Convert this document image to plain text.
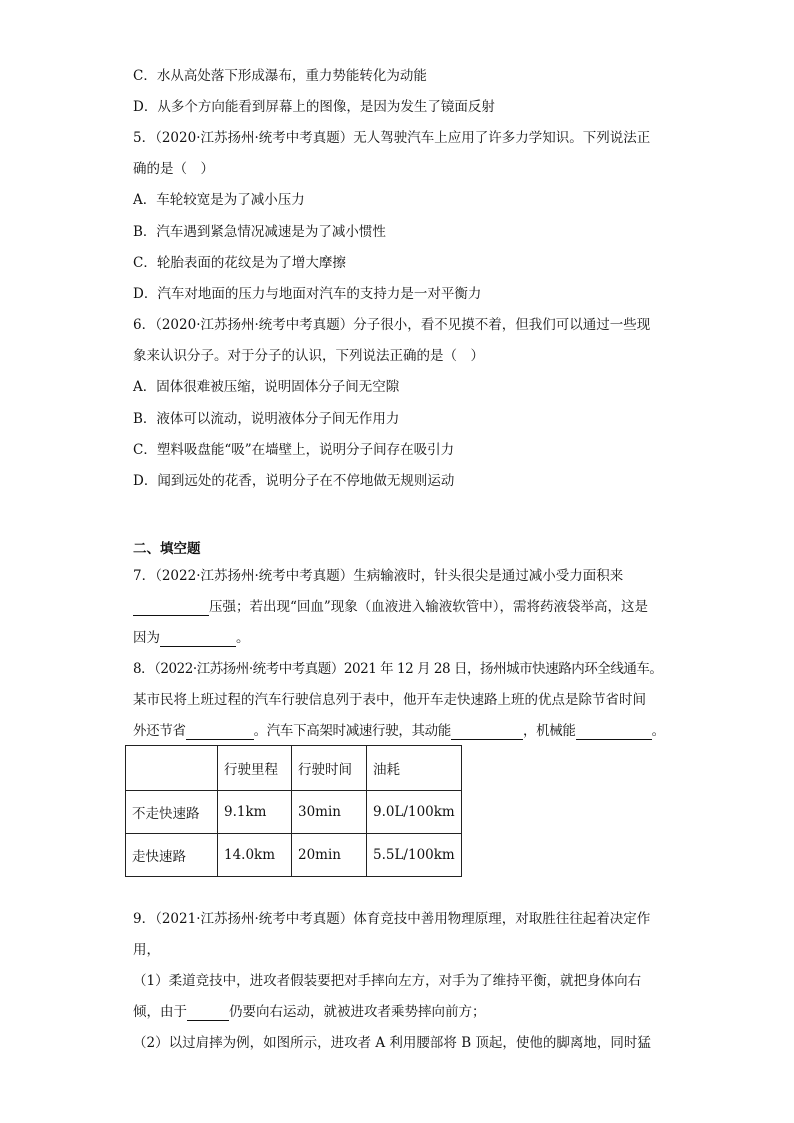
C．水从高处落下形成瀑布，重力势能转化为动能
D．从多个方向能看到屏幕上的图像，是因为发生了镜面反射
5．（2020·江苏扬州·统考中考真题）无人驾驶汽车上应用了许多力学知识。下列说法正
确的是（　）
A．车轮较宽是为了减小压力
B．汽车遇到紧急情况减速是为了减小惯性
C．轮胎表面的花纹是为了增大摩擦
D．汽车对地面的压力与地面对汽车的支持力是一对平衡力
6．（2020·江苏扬州·统考中考真题）分子很小，看不见摸不着，但我们可以通过一些现
象来认识分子。对于分子的认识，下列说法正确的是（　）
A．固体很难被压缩，说明固体分子间无空隙
B．液体可以流动，说明液体分子间无作用力
C．塑料吸盘能“吸”在墙壁上，说明分子间存在吸引力
D．闻到远处的花香，说明分子在不停地做无规则运动
二、填空题
7．（2022·江苏扬州·统考中考真题）生病输液时，针头很尖是通过减小受力面积来
压强；若出现“回血”现象（血液进入输液软管中），需将药液袋举高，这是
因为	。
8．（2022·江苏扬州·统考中考真题）2021 年 12 月 28 日，扬州城市快速路内环全线通车。
某市民将上班过程的汽车行驶信息列于表中，他开车走快速路上班的优点是除节省时间
外还节省	。汽车下高架时减速行驶，其动能	，机械能	。
	行驶里程	行驶时间	油耗
不走快速路	9.1km	30min	9.0L/100km
走快速路	14.0km	20min	5.5L/100km
9．（2021·江苏扬州·统考中考真题）体育竞技中善用物理原理，对取胜往往起着决定作
用，
（1）柔道竞技中，进攻者假装要把对手摔向左方，对手为了维持平衡，就把身体向右
倾，由于	仍要向右运动，就被进攻者乘势摔向前方；
（2）以过肩摔为例，如图所示，进攻者 A 利用腰部将 B 顶起，使他的脚离地，同时猛
